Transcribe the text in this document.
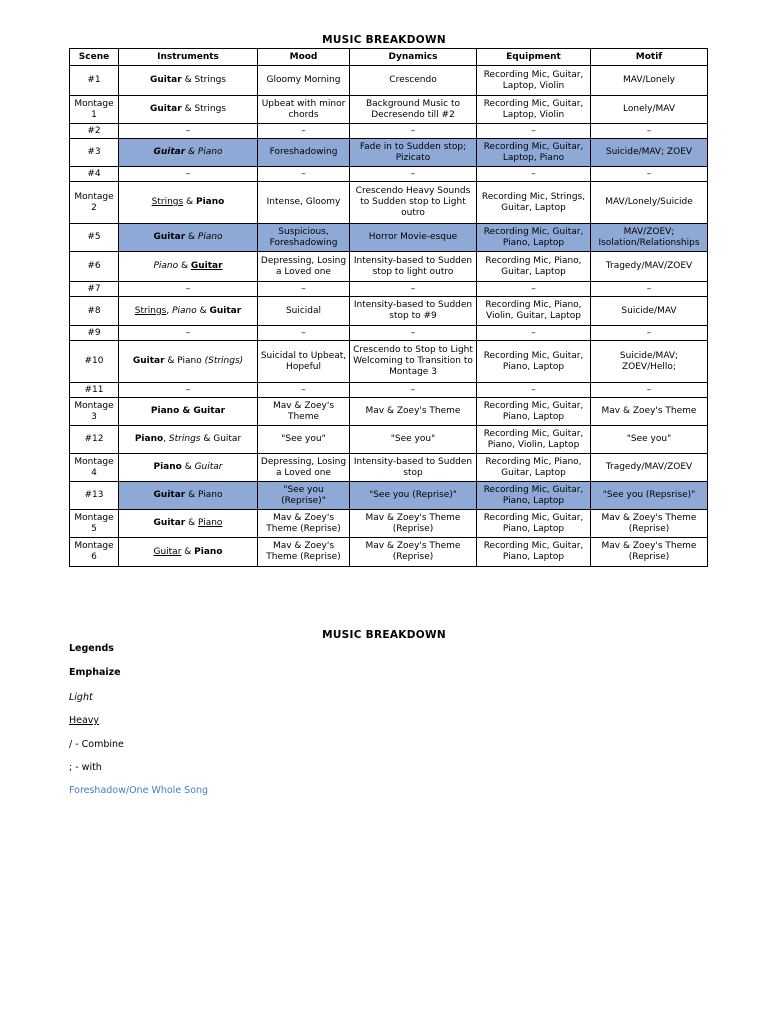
MUSIC BREAKDOWN
Scene	Instruments	Mood	Dynamics	Equipment	Motif
#1	Guitar & Strings	Gloomy Morning	Crescendo	Recording Mic, Guitar, Laptop, Violin	MAV/Lonely
Montage 1	Guitar & Strings	Upbeat with minor chords	Background Music to Decresendo till #2	Recording Mic, Guitar, Laptop, Violin	Lonely/MAV
#2	–	–	–	–	–
#3	Guitar & Piano	Foreshadowing	Fade in to Sudden stop; Pizicato	Recording Mic, Guitar, Laptop, Piano	Suicide/MAV; ZOEV
#4	–	–	–	–	–
Montage 2	Strings & Piano	Intense, Gloomy	Crescendo Heavy Sounds to Sudden stop to Light outro	Recording Mic, Strings, Guitar, Laptop	MAV/Lonely/Suicide
#5	Guitar & Piano	Suspicious, Foreshadowing	Horror Movie-esque	Recording Mic, Guitar, Piano, Laptop	MAV/ZOEV; Isolation/Relationships
#6	Piano & Guitar	Depressing, Losing a Loved one	Intensity-based to Sudden stop to light outro	Recording Mic, Piano, Guitar, Laptop	Tragedy/MAV/ZOEV
#7	–	–	–	–	–
#8	Strings, Piano & Guitar	Suicidal	Intensity-based to Sudden stop to #9	Recording Mic, Piano, Violin, Guitar, Laptop	Suicide/MAV
#9	–	–	–	–	–
#10	Guitar & Piano (Strings)	Suicidal to Upbeat, Hopeful	Crescendo to Stop to Light Welcoming to Transition to Montage 3	Recording Mic, Guitar, Piano, Laptop	Suicide/MAV; ZOEV/Hello;
#11	–	–	–	–	–
Montage 3	Piano & Guitar	Mav & Zoey's Theme	Mav & Zoey's Theme	Recording Mic, Guitar, Piano, Laptop	Mav & Zoey's Theme
#12	Piano, Strings & Guitar	"See you"	"See you"	Recording Mic, Guitar, Piano, Violin, Laptop	"See you"
Montage 4	Piano & Guitar	Depressing, Losing a Loved one	Intensity-based to Sudden stop	Recording Mic, Piano, Guitar, Laptop	Tragedy/MAV/ZOEV
#13	Guitar & Piano	"See you (Reprise)"	"See you (Reprise)"	Recording Mic, Guitar, Piano, Laptop	"See you (Repsrise)"
Montage 5	Guitar & Piano	Mav & Zoey's Theme (Reprise)	Mav & Zoey's Theme (Reprise)	Recording Mic, Guitar, Piano, Laptop	Mav & Zoey's Theme (Reprise)
Montage 6	Guitar & Piano	Mav & Zoey's Theme (Reprise)	Mav & Zoey's Theme (Reprise)	Recording Mic, Guitar, Piano, Laptop	Mav & Zoey's Theme (Reprise)
MUSIC BREAKDOWN
Legends
Emphaize
Light
Heavy
/ - Combine
; - with
Foreshadow/One Whole Song
